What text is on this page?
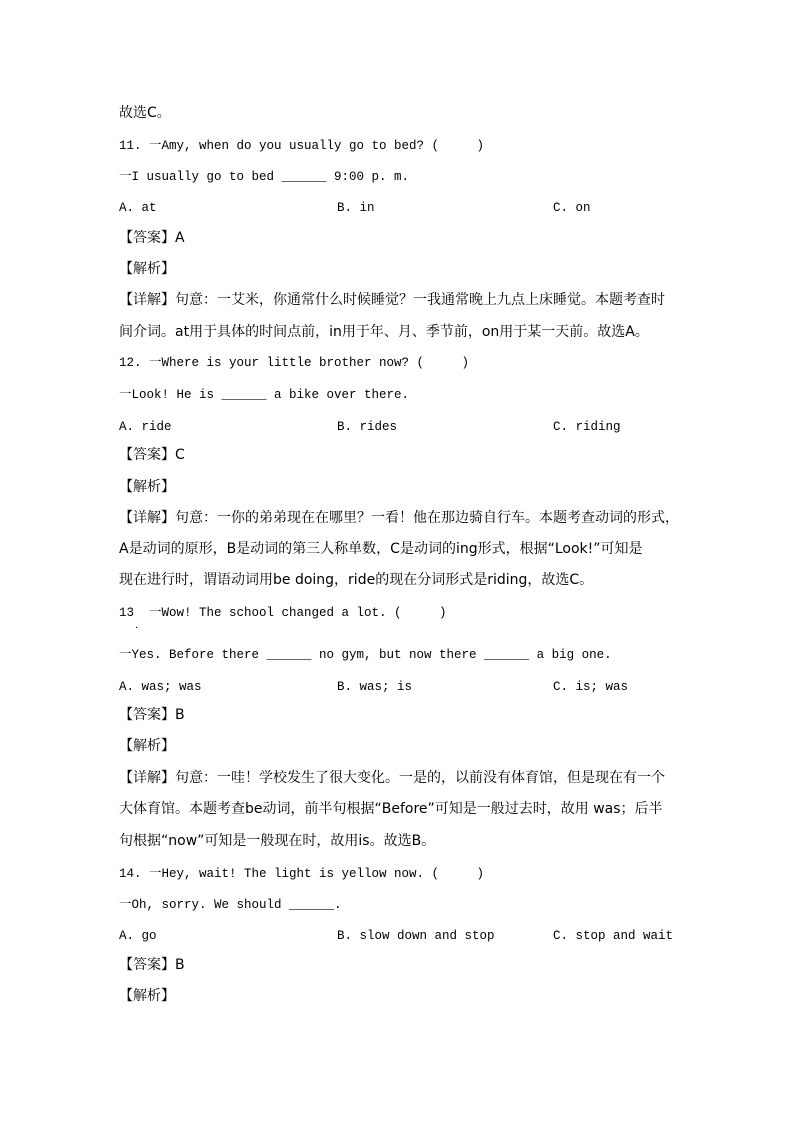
故选C。
11. 一Amy, when do you usually go to bed? (     )
一I usually go to bed ______ 9:00 p. m.
A. at	B. in	C. on
【答案】A
【解析】
【详解】句意：一艾米，你通常什么时候睡觉？一我通常晚上九点上床睡觉。本题考查时
间介词。at用于具体的时间点前，in用于年、月、季节前，on用于某一天前。故选A。
12. 一Where is your little brother now? (     )
一Look! He is ______ a bike over there.
A. ride	B. rides	C. riding
【答案】C
【解析】
【详解】句意：一你的弟弟现在在哪里？一看！他在那边骑自行车。本题考查动词的形式，
A是动词的原形，B是动词的第三人称单数，C是动词的ing形式，根据“Look!”可知是
现在进行时，谓语动词用be doing，ride的现在分词形式是riding，故选C。
13  一Wow! The school changed a lot. (     )
．
一Yes. Before there ______ no gym, but now there ______ a big one.
A. was; was	B. was; is	C. is; was
【答案】B
【解析】
【详解】句意：一哇！学校发生了很大变化。一是的，以前没有体育馆，但是现在有一个
大体育馆。本题考查be动词，前半句根据“Before”可知是一般过去时，故用 was；后半
句根据“now”可知是一般现在时，故用is。故选B。
14. 一Hey, wait! The light is yellow now. (     )
一Oh, sorry. We should ______.
A. go	B. slow down and stop	C. stop and wait
【答案】B
【解析】
